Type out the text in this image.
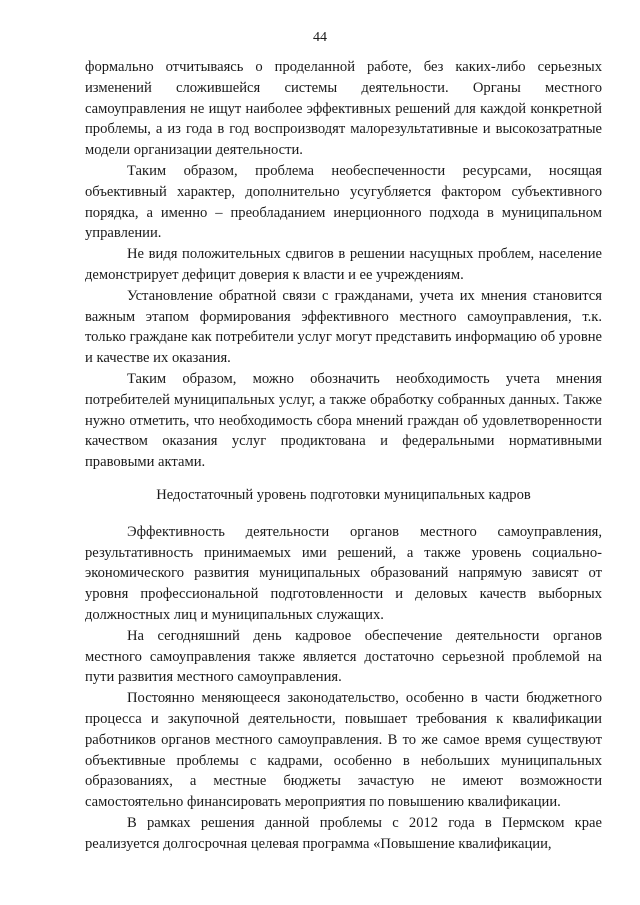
44

формально отчитываясь о проделанной работе, без каких-либо серьезных изменений сложившейся системы деятельности. Органы местного самоуправления не ищут наиболее эффективных решений для каждой конкретной проблемы, а из года в год воспроизводят малорезультативные и высокозатратные модели организации деятельности.

Таким образом, проблема необеспеченности ресурсами, носящая объективный характер, дополнительно усугубляется фактором субъективного порядка, а именно – преобладанием инерционного подхода в муниципальном управлении.

Не видя положительных сдвигов в решении насущных проблем, население демонстрирует дефицит доверия к власти и ее учреждениям.

Установление обратной связи с гражданами, учета их мнения становится важным этапом формирования эффективного местного самоуправления, т.к. только граждане как потребители услуг могут представить информацию об уровне и качестве их оказания.

Таким образом, можно обозначить необходимость учета мнения потребителей муниципальных услуг, а также обработку собранных данных. Также нужно отметить, что необходимость сбора мнений граждан об удовлетворенности качеством оказания услуг продиктована и федеральными нормативными правовыми актами.

Недостаточный уровень подготовки муниципальных кадров

Эффективность деятельности органов местного самоуправления, результативность принимаемых ими решений, а также уровень социально-экономического развития муниципальных образований напрямую зависят от уровня профессиональной подготовленности и деловых качеств выборных должностных лиц и муниципальных служащих.

На сегодняшний день кадровое обеспечение деятельности органов местного самоуправления также является достаточно серьезной проблемой на пути развития местного самоуправления.

Постоянно меняющееся законодательство, особенно в части бюджетного процесса и закупочной деятельности, повышает требования к квалификации работников органов местного самоуправления. В то же самое время существуют объективные проблемы с кадрами, особенно в небольших муниципальных образованиях, а местные бюджеты зачастую не имеют возможности самостоятельно финансировать мероприятия по повышению квалификации.

В рамках решения данной проблемы с 2012 года в Пермском крае реализуется долгосрочная целевая программа «Повышение квалификации,
